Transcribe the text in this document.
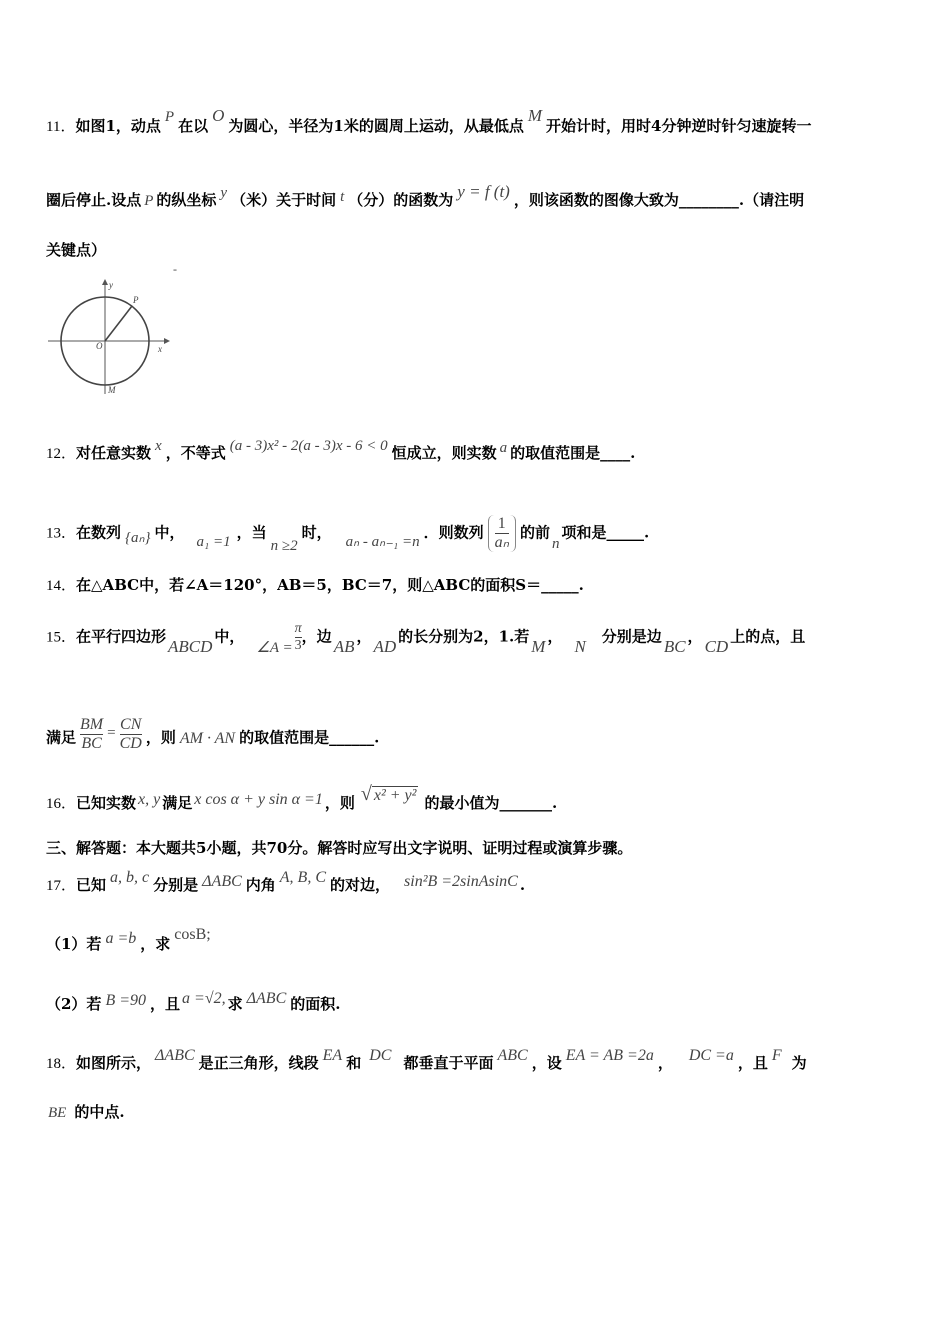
11．如图1，动点 P 在以O为圆心，半径为1米的圆周上运动，从最低点M开始计时，用时4分钟逆时针匀速旋转一
圈后停止.设点 P 的纵坐标 y （米）关于时间 t （分）的函数为 y = f (t) ，则该函数的图像大致为________.（请注明
关键点）
-
y
P
O	x
M
12．对任意实数 x ，不等式 (a - 3)x² - 2(a - 3)x - 6 < 0 恒成立，则实数 a 的取值范围是____.
13．在数列 {aₙ} 中， a₁ =1 ，当n ≥2时， aₙ - aₙ₋₁ =n ．则数列 $\frac{1}{\text{aₙ}}$ 的前n项和是_____.
14．在△ABC中，若∠A＝120°，AB＝5，BC＝7，则△ABC的面积S＝_____.
15．在平行四边形 ABCD 中，∠A = $\frac{\pi}{3}$ ，边 AB ， AD 的长分别为2，1.若 M ， N 分别是边 BC ， CD 上的点，且
满足 $\frac{BM}{BC} = \frac{CN}{CD}$ ，则 AM · AN 的取值范围是______.
16．已知实数 x, y 满足 x cos α + y sin α =1 ，则 √ x² + y² 的最小值为_______.
三、解答题：本大题共5小题，共70分。解答时应写出文字说明、证明过程或演算步骤。
17．已知 a, b, c 分别是 ΔABC 内角 A, B, C 的对边， sin²B =2sinAsinC .
（1）若 a =b ，求cosB;
（2）若 B =90 ，且 a =√2, 求 ΔABC 的面积.
18．如图所示， ΔABC 是正三角形，线段 EA 和 DC 都垂直于平面 ABC ，设 EA = AB =2a ， DC =a ，且 F 为
BE 的中点.
